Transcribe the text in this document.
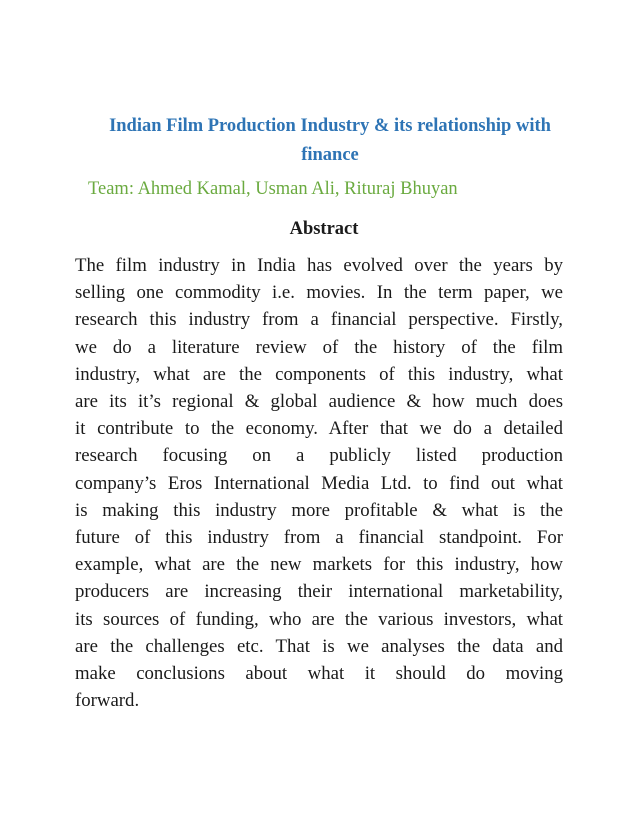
Indian Film Production Industry & its relationship with finance

Team: Ahmed Kamal, Usman Ali, Rituraj Bhuyan

Abstract
The film industry in India has evolved over the years by
selling one commodity i.e. movies. In the term paper, we
research this industry from a financial perspective. Firstly,
we do a literature review of the history of the film
industry, what are the components of this industry, what
are its it’s regional & global audience & how much does
it contribute to the economy. After that we do a detailed
research focusing on a publicly listed production
company’s Eros International Media Ltd. to find out what
is making this industry more profitable & what is the
future of this industry from a financial standpoint. For
example, what are the new markets for this industry, how
producers are increasing their international marketability,
its sources of funding, who are the various investors, what
are the challenges etc. That is we analyses the data and
make conclusions about what it should do moving
forward.
